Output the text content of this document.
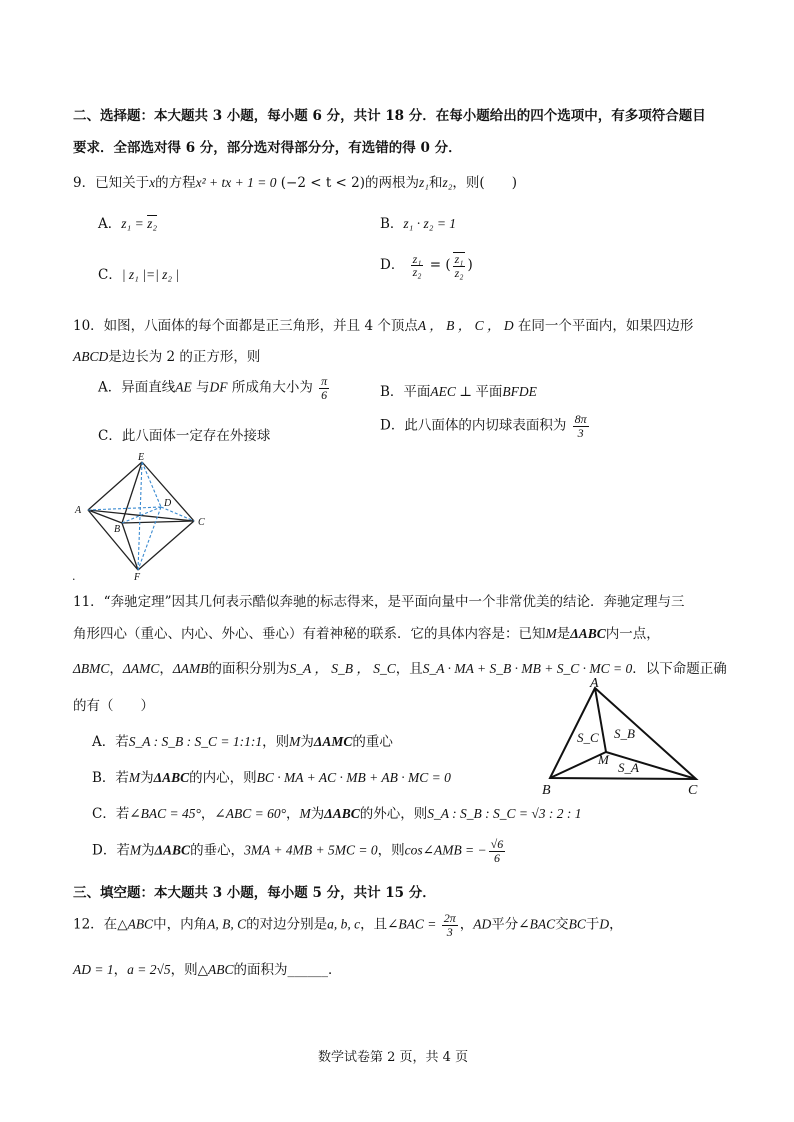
二、选择题：本大题共 3 小题，每小题 6 分，共计 18 分．在每小题给出的四个选项中，有多项符合题目
要求．全部选对得 6 分，部分选对得部分分，有选错的得 0 分．
9．已知关于x的方程x² + tx + 1 = 0 (−2 < t < 2)的两根为z₁和z₂，则(　　)
A．z₁ = z₂	B．z₁ · z₂ = 1
C．| z₁ |=| z₂ |
D． $\frac{\text{z₁}}{\text{z₂}}$ = ( $\frac{\text{z₁}}{\text{z₂}}$ )
10．如图，八面体的每个面都是正三角形，并且 4 个顶点A ， B ， C ， D 在同一个平面内，如果四边形
ABCD是边长为 2 的正方形，则
A．异面直线AE 与DF 所成角大小为 $\frac{\pi}{6}$	B．平面AEC ⊥ 平面BFDE
C．此八面体一定存在外接球
D．此八面体的内切球表面积为 $\frac{8\pi}{3}$
E
D
A
B
C
F
.
11．“奔驰定理”因其几何表示酷似奔驰的标志得来，是平面向量中一个非常优美的结论．奔驰定理与三
角形四心（重心、内心、外心、垂心）有着神秘的联系．它的具体内容是：已知M是ΔABC内一点，
ΔBMC，ΔAMC，ΔAMB的面积分别为S_A ， S_B ， S_C，且S_A · MA + S_B · MB + S_C · MC = 0．以下命题正确
的有（　　）
A．若S_A : S_B : S_C = 1:1:1，则M为ΔAMC的重心
B．若M为ΔABC的内心，则BC · MA + AC · MB + AB · MC = 0
C．若∠BAC = 45°，∠ABC = 60°，M为ΔABC的外心，则S_A : S_B : S_C = √3 : 2 : 1
D．若M为ΔABC的垂心，3MA + 4MB + 5MC = 0，则cos∠AMB = − $\frac{√6}{6}$
A
S_C S_B
M
S_A
B	C
三、填空题：本大题共 3 小题，每小题 5 分，共计 15 分．
12．在△ABC中，内角A, B, C的对边分别是a, b, c，且∠BAC = $\frac{2\pi}{3}$ ，AD平分∠BAC交BC于D，
AD = 1，a = 2√5，则△ABC的面积为______．
数学试卷第 2 页，共 4 页
